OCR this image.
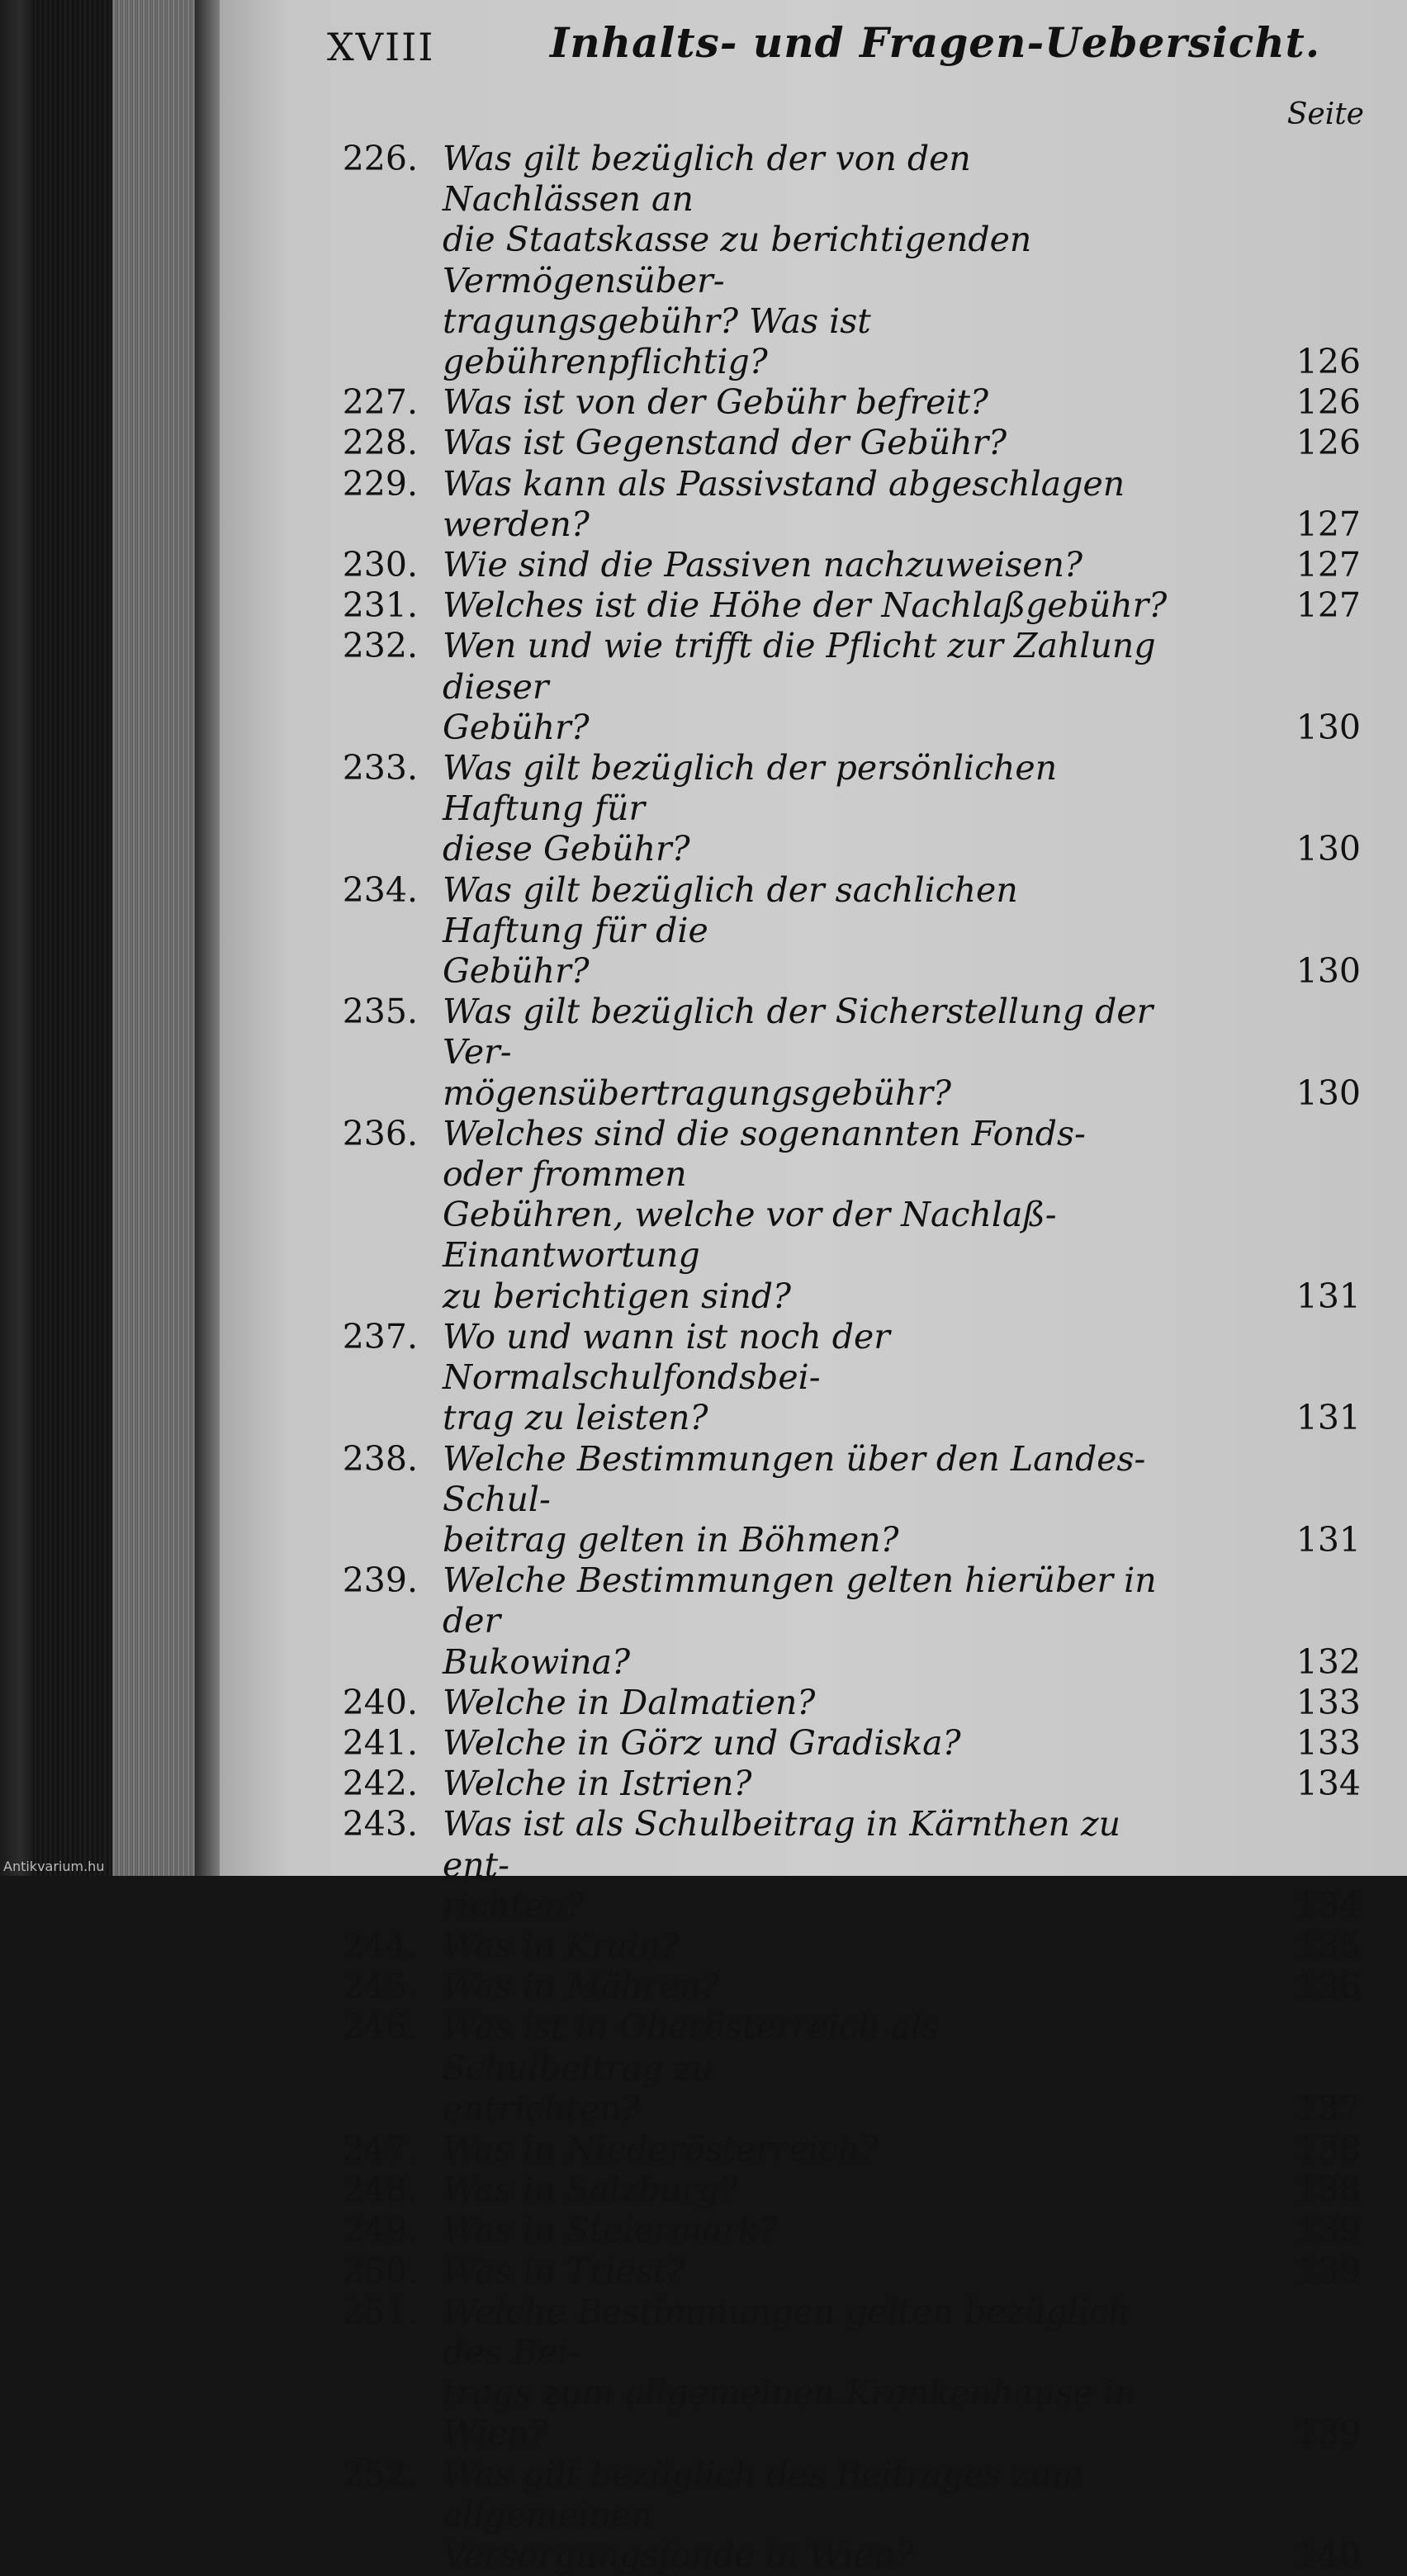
XVIII	Inhalts- und Fragen-Uebersicht.
Seite
226. Was gilt bezüglich der von den Nachlässen an
die Staatskasse zu berichtigenden Vermögensüber-
tragungsgebühr? Was ist gebührenpflichtig?	126
227. Was ist von der Gebühr befreit?	126
228. Was ist Gegenstand der Gebühr?	126
229. Was kann als Passivstand abgeschlagen werden?	127
230. Wie sind die Passiven nachzuweisen?	127
231. Welches ist die Höhe der Nachlaßgebühr?	127
232. Wen und wie trifft die Pflicht zur Zahlung dieser
Gebühr?	130
233. Was gilt bezüglich der persönlichen Haftung für
diese Gebühr?	130
234. Was gilt bezüglich der sachlichen Haftung für die
Gebühr?	130
235. Was gilt bezüglich der Sicherstellung der Ver-
mögensübertragungsgebühr?	130
236. Welches sind die sogenannten Fonds- oder frommen
Gebühren, welche vor der Nachlaß-Einantwortung
zu berichtigen sind?	131
237. Wo und wann ist noch der Normalschulfondsbei-
trag zu leisten?	131
238. Welche Bestimmungen über den Landes-Schul-
beitrag gelten in Böhmen?	131
239. Welche Bestimmungen gelten hierüber in der
Bukowina?	132
240. Welche in Dalmatien?	133
241. Welche in Görz und Gradiska?	133
242. Welche in Istrien?	134
243. Was ist als Schulbeitrag in Kärnthen zu ent-
richten?	134
244. Was in Krain?	135
245. Was in Mähren?	136
246. Was ist in Oberösterreich als Schulbeitrag zu
entrichten?	137
247. Was in Niederösterreich?	138
248. Was in Salzburg?	138
249. Was in Steiermark?	139
250. Was in Triest?	139
251. Welche Bestimmungen gelten bezüglich des Bei-
trags zum allgemeinen Krankenhause in Wien?	139
252. Was gilt bezüglich des Beitrages zum allgemeinen
Versorgungsfonde in Wien?	140
Antikvarium.hu
